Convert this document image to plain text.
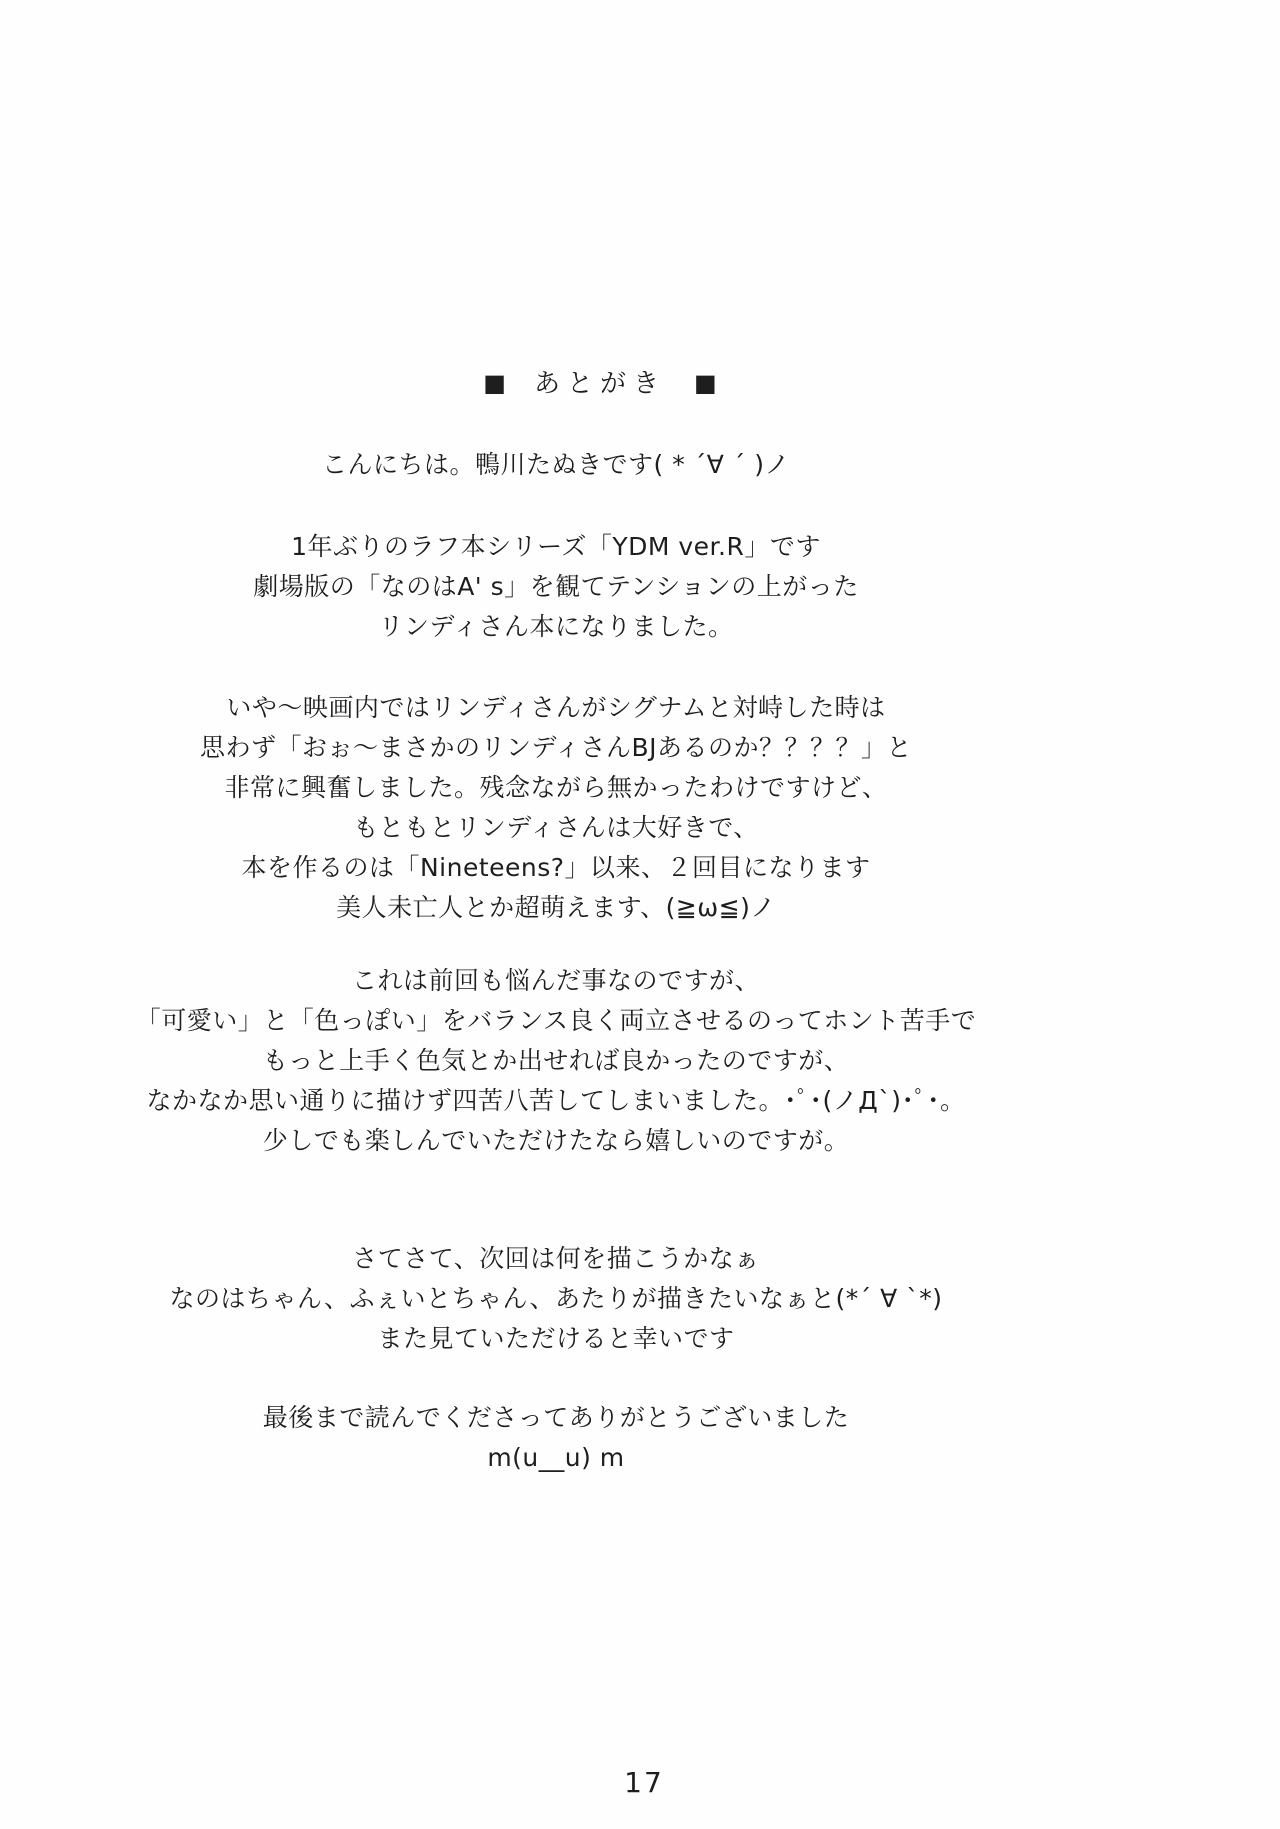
■ あとがき ■
こんにちは。鴨川たぬきです( * ´∀ ´ )ノ
1年ぶりのラフ本シリーズ「YDM ver.R」です
劇場版の「なのはA' s」を観てテンションの上がった
リンディさん本になりました。
いや～映画内ではリンディさんがシグナムと対峙した時は
思わず「おぉ～まさかのリンディさんBJあるのか？？？？」と
非常に興奮しました。残念ながら無かったわけですけど、
もともとリンディさんは大好きで、
本を作るのは「Nineteens?」以来、２回目になります
美人未亡人とか超萌えます、(≧ω≦)ノ
これは前回も悩んだ事なのですが、
「可愛い」と「色っぽい」をバランス良く両立させるのってホント苦手で
もっと上手く色気とか出せれば良かったのですが、
なかなか思い通りに描けず四苦八苦してしまいました。･ﾟ･(ノД`)･ﾟ･。
少しでも楽しんでいただけたなら嬉しいのですが。
さてさて、次回は何を描こうかなぁ
なのはちゃん、ふぇいとちゃん、あたりが描きたいなぁと(*´ ∀ `*)
また見ていただけると幸いです
最後まで読んでくださってありがとうございました
m(u__u) m
17
